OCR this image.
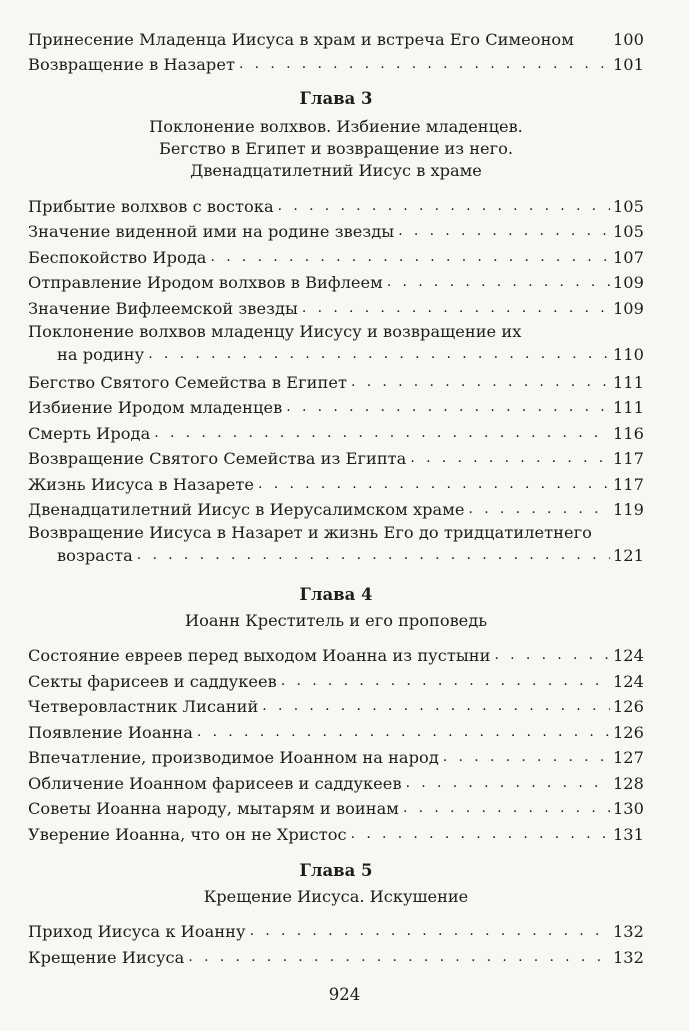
Принесение Младенца Иисуса в храм и встреча Его Симеоном 100
Возвращение в Назарет . . .	101
Глава 3
Поклонение волхвов. Избиение младенцев.
Бегство в Египет и возвращение из него.
Двенадцатилетний Иисус в храме
Прибытие волхвов с востока . . .	105
Значение виденной ими на родине звезды . . .	105
Беспокойство Ирода . . .	107
Отправление Иродом волхвов в Вифлеем . . .	109
Значение Вифлеемской звезды . . .	109
Поклонение волхвов младенцу Иисусу и возвращение их
на родину . . .	110
Бегство Святого Семейства в Египет . . .	111
Избиение Иродом младенцев . . .	111
Смерть Ирода . . .	116
Возвращение Святого Семейства из Египта . . .	117
Жизнь Иисуса в Назарете . . .	117
Двенадцатилетний Иисус в Иерусалимском храме . . .	119
Возвращение Иисуса в Назарет и жизнь Его до тридцатилетнего
возраста . . .	121
Глава 4
Иоанн Креститель и его проповедь
Состояние евреев перед выходом Иоанна из пустыни . . .	124
Секты фарисеев и саддукеев . . .	124
Четверовластник Лисаний . . .	126
Появление Иоанна . . .	126
Впечатление, производимое Иоанном на народ . . .	127
Обличение Иоанном фарисеев и саддукеев . . .	128
Советы Иоанна народу, мытарям и воинам . . .	130
Уверение Иоанна, что он не Христос . . .	131
Глава 5
Крещение Иисуса. Искушение
Приход Иисуса к Иоанну . . .	132
Крещение Иисуса . . .	132
924
